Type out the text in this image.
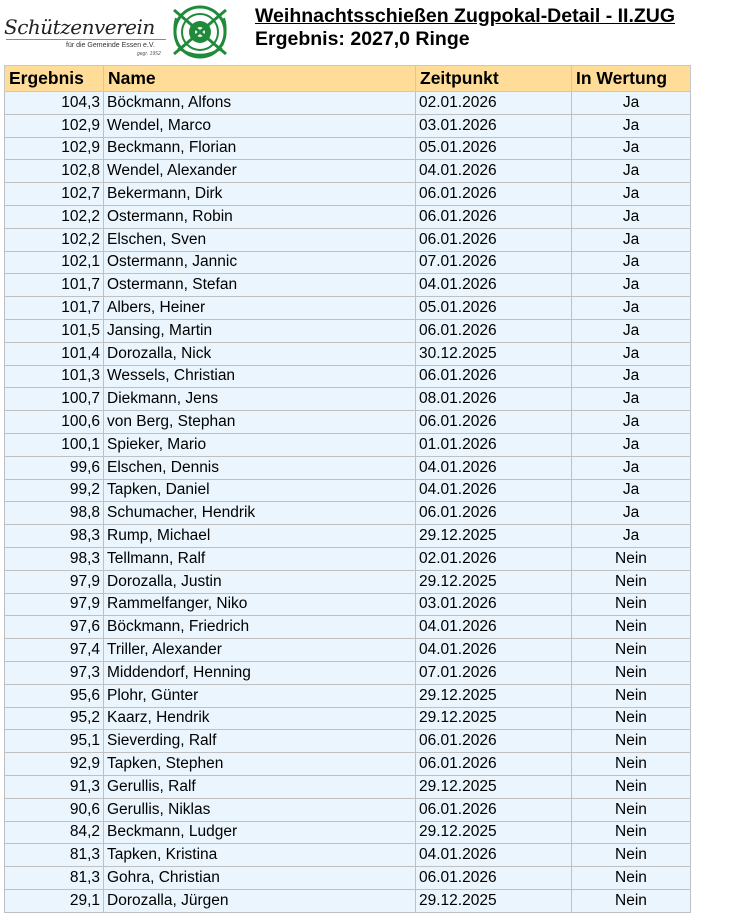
Schützenverein
für die Gemeinde Essen e.V.
gegr. 1952
Weihnachtsschießen Zugpokal-Detail - II.ZUG
Ergebnis: 2027,0 Ringe
Ergebnis	Name	Zeitpunkt	In Wertung
104,3	Böckmann, Alfons	02.01.2026	Ja
102,9	Wendel, Marco	03.01.2026	Ja
102,9	Beckmann, Florian	05.01.2026	Ja
102,8	Wendel, Alexander	04.01.2026	Ja
102,7	Bekermann, Dirk	06.01.2026	Ja
102,2	Ostermann, Robin	06.01.2026	Ja
102,2	Elschen, Sven	06.01.2026	Ja
102,1	Ostermann, Jannic	07.01.2026	Ja
101,7	Ostermann, Stefan	04.01.2026	Ja
101,7	Albers, Heiner	05.01.2026	Ja
101,5	Jansing, Martin	06.01.2026	Ja
101,4	Dorozalla, Nick	30.12.2025	Ja
101,3	Wessels, Christian	06.01.2026	Ja
100,7	Diekmann, Jens	08.01.2026	Ja
100,6	von Berg, Stephan	06.01.2026	Ja
100,1	Spieker, Mario	01.01.2026	Ja
99,6	Elschen, Dennis	04.01.2026	Ja
99,2	Tapken, Daniel	04.01.2026	Ja
98,8	Schumacher, Hendrik	06.01.2026	Ja
98,3	Rump, Michael	29.12.2025	Ja
98,3	Tellmann, Ralf	02.01.2026	Nein
97,9	Dorozalla, Justin	29.12.2025	Nein
97,9	Rammelfanger, Niko	03.01.2026	Nein
97,6	Böckmann, Friedrich	04.01.2026	Nein
97,4	Triller, Alexander	04.01.2026	Nein
97,3	Middendorf, Henning	07.01.2026	Nein
95,6	Plohr, Günter	29.12.2025	Nein
95,2	Kaarz, Hendrik	29.12.2025	Nein
95,1	Sieverding, Ralf	06.01.2026	Nein
92,9	Tapken, Stephen	06.01.2026	Nein
91,3	Gerullis, Ralf	29.12.2025	Nein
90,6	Gerullis, Niklas	06.01.2026	Nein
84,2	Beckmann, Ludger	29.12.2025	Nein
81,3	Tapken, Kristina	04.01.2026	Nein
81,3	Gohra, Christian	06.01.2026	Nein
29,1	Dorozalla, Jürgen	29.12.2025	Nein
